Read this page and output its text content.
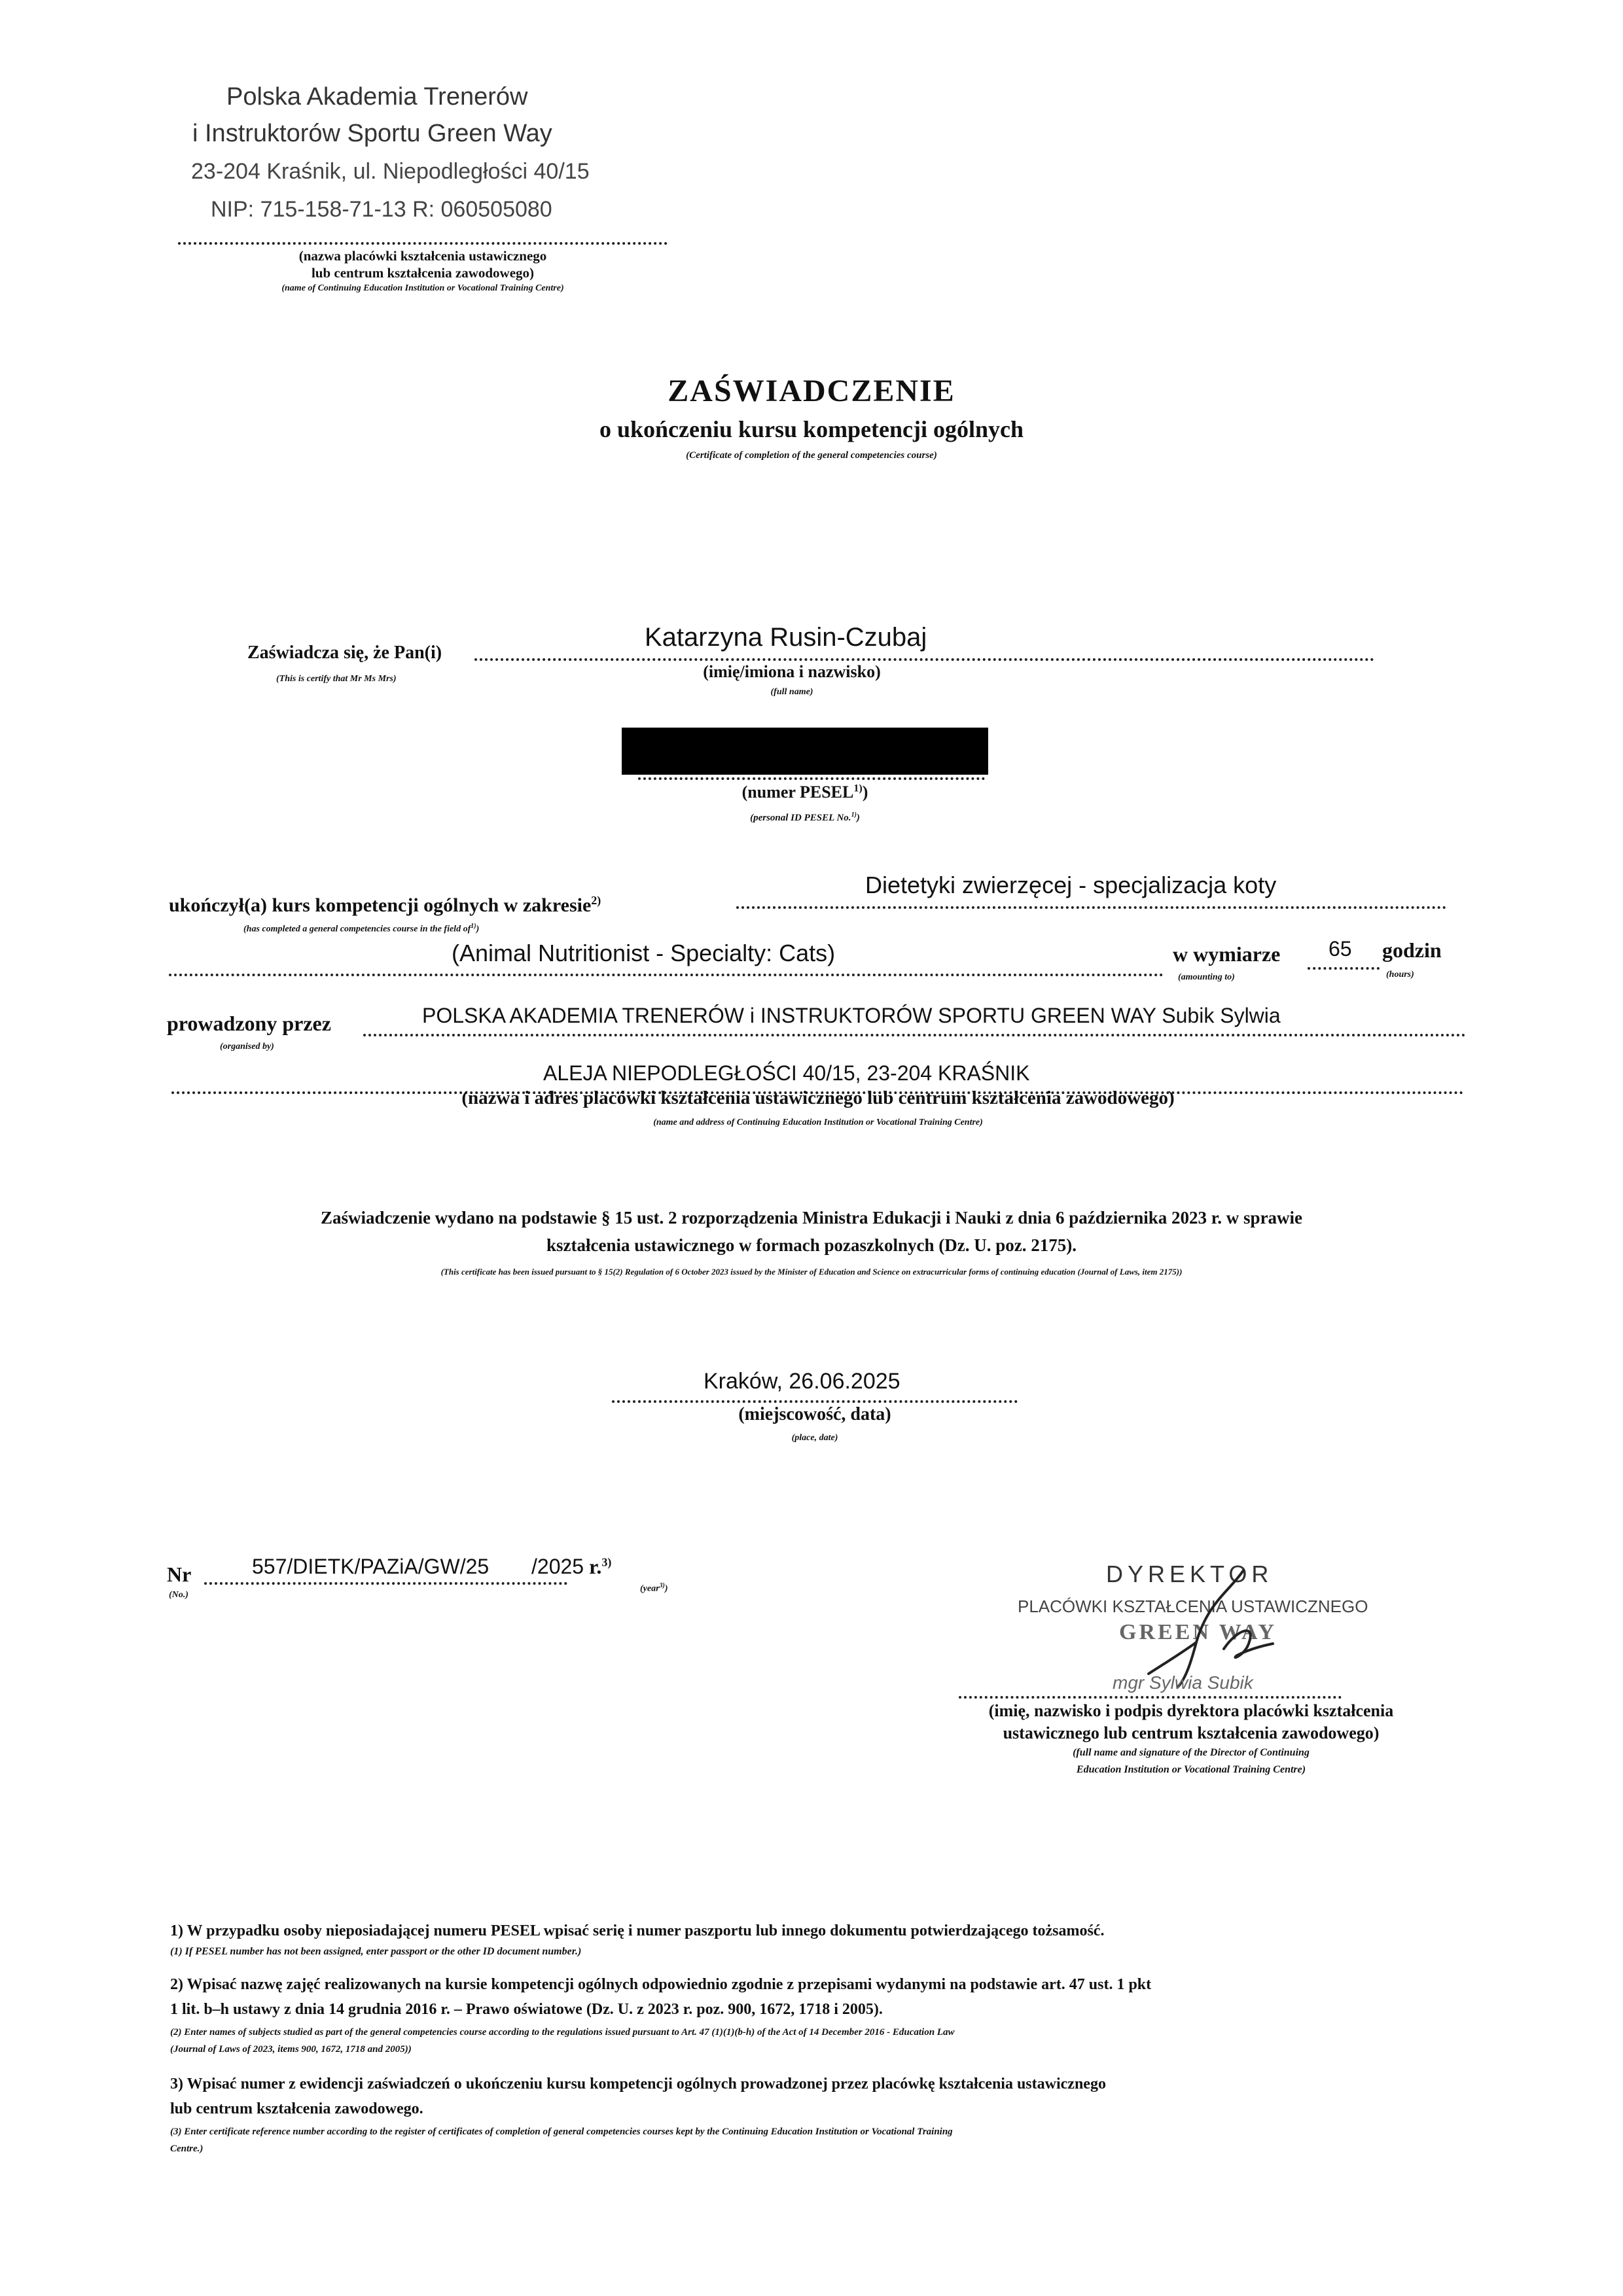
Polska Akademia Trenerów
i Instruktorów Sportu Green Way
23-204 Kraśnik, ul. Niepodległości 40/15
NIP: 715-158-71-13 R: 060505080
(nazwa placówki kształcenia ustawicznego
lub centrum kształcenia zawodowego)
(name of Continuing Education Institution or Vocational Training Centre)
ZAŚWIADCZENIE
o ukończeniu kursu kompetencji ogólnych
(Certificate of completion of the general competencies course)
Zaświadcza się, że Pan(i)
(This is certify that Mr Ms Mrs)
Katarzyna Rusin-Czubaj
(imię/imiona i nazwisko)
(full name)
(numer PESEL$^{1)}$)
(personal ID PESEL No.$^{1)}$)
ukończył(a) kurs kompetencji ogólnych w zakresie$^{2)}$
Dietetyki zwierzęcej - specjalizacja koty
(has completed a general competencies course in the field $of^{1)}$)
(Animal Nutritionist - Specialty: Cats)	w wymiarze 65 godzin
(amounting to)	(hours)
prowadzony przez
(organised by)
POLSKA AKADEMIA TRENERÓW i INSTRUKTORÓW SPORTU GREEN WAY Subik Sylwia
ALEJA NIEPODLEGŁOŚCI 40/15, 23-204 KRAŚNIK
(nazwa i adres placówki kształcenia ustawicznego lub centrum kształcenia zawodowego)
(name and address of Continuing Education Institution or Vocational Training Centre)
Zaświadczenie wydano na podstawie § 15 ust. 2 rozporządzenia Ministra Edukacji i Nauki z dnia 6 października 2023 r. w sprawie
kształcenia ustawicznego w formach pozaszkolnych (Dz. U. poz. 2175).
(This certificate has been issued pursuant to § 15(2) Regulation of 6 October 2023 issued by the Minister of Education and Science on extracurricular forms of continuing education (Journal of Laws, item 2175))
Kraków, 26.06.2025
(miejscowość, data)
(place, date)
Nr
(No.)
557/DIETK/PAZiA/GW/25 /2025 r.$^{3)}$
(year$^{3)}$)
DYREKTOR
PLACÓWKI KSZTAŁCENIA USTAWICZNEGO
GREEN WAY
mgr Sylwia Subik
(imię, nazwisko i podpis dyrektora placówki kształcenia
ustawicznego lub centrum kształcenia zawodowego)
(full name and signature of the Director of Continuing
Education Institution or Vocational Training Centre)
1) W przypadku osoby nieposiadającej numeru PESEL wpisać serię i numer paszportu lub innego dokumentu potwierdzającego tożsamość.
(1) If PESEL number has not been assigned, enter passport or the other ID document number.)
2) Wpisać nazwę zajęć realizowanych na kursie kompetencji ogólnych odpowiednio zgodnie z przepisami wydanymi na podstawie art. 47 ust. 1 pkt
1 lit. b–h ustawy z dnia 14 grudnia 2016 r. – Prawo oświatowe (Dz. U. z 2023 r. poz. 900, 1672, 1718 i 2005).
(2) Enter names of subjects studied as part of the general competencies course according to the regulations issued pursuant to Art. 47 (1)(1)(b-h) of the Act of 14 December 2016 - Education Law
(Journal of Laws of 2023, items 900, 1672, 1718 and 2005))
3) Wpisać numer z ewidencji zaświadczeń o ukończeniu kursu kompetencji ogólnych prowadzonej przez placówkę kształcenia ustawicznego
lub centrum kształcenia zawodowego.
(3) Enter certificate reference number according to the register of certificates of completion of general competencies courses kept by the Continuing Education Institution or Vocational Training
Centre.)
